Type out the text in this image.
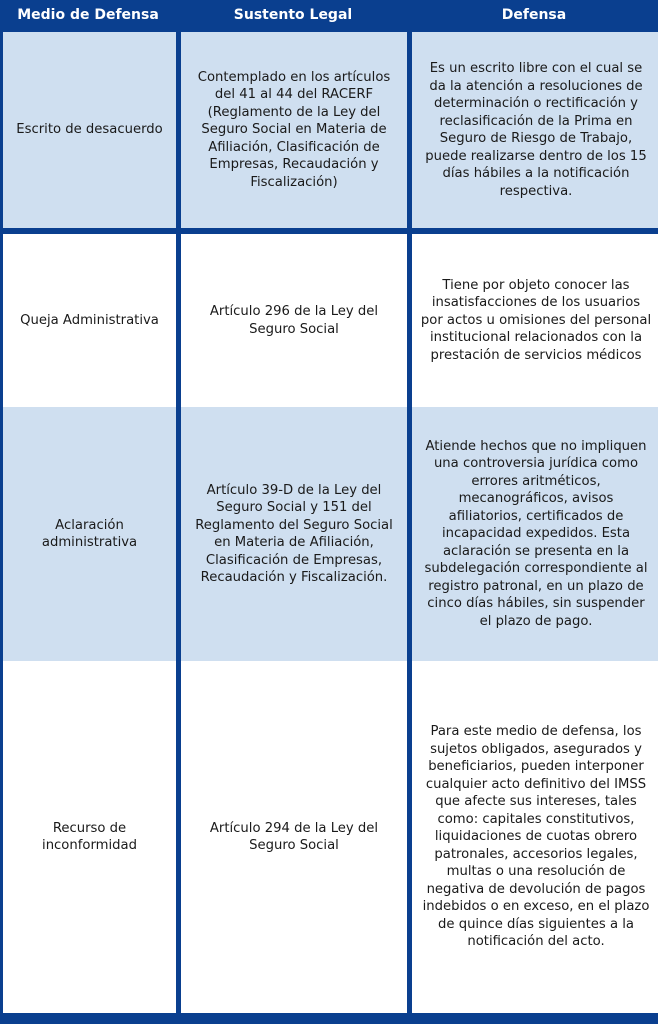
Medio de Defensa	Sustento Legal	Defensa
Escrito de desacuerdo
Contemplado en los artículos del 41 al 44 del RACERF (Reglamento de la Ley del Seguro Social en Materia de Afiliación, Clasificación de Empresas, Recaudación y Fiscalización)
Es un escrito libre con el cual se da la atención a resoluciones de determinación o rectificación y reclasificación de la Prima en Seguro de Riesgo de Trabajo, puede realizarse dentro de los 15 días hábiles a la notificación respectiva.
Queja Administrativa
Artículo 296 de la Ley del Seguro Social
Tiene por objeto conocer las insatisfacciones de los usuarios por actos u omisiones del personal institucional relacionados con la prestación de servicios médicos
Aclaración administrativa
Artículo 39-D de la Ley del Seguro Social y 151 del Reglamento del Seguro Social en Materia de Afiliación, Clasificación de Empresas, Recaudación y Fiscalización.
Atiende hechos que no impliquen una controversia jurídica como errores aritméticos, mecanográficos, avisos afiliatorios, certificados de incapacidad expedidos. Esta aclaración se presenta en la subdelegación correspondiente al registro patronal, en un plazo de cinco días hábiles, sin suspender el plazo de pago.
Recurso de inconformidad
Artículo 294 de la Ley del Seguro Social
Para este medio de defensa, los sujetos obligados, asegurados y beneficiarios, pueden interponer cualquier acto definitivo del IMSS que afecte sus intereses, tales como: capitales constitutivos, liquidaciones de cuotas obrero patronales, accesorios legales, multas o una resolución de negativa de devolución de pagos indebidos o en exceso, en el plazo de quince días siguientes a la notificación del acto.
